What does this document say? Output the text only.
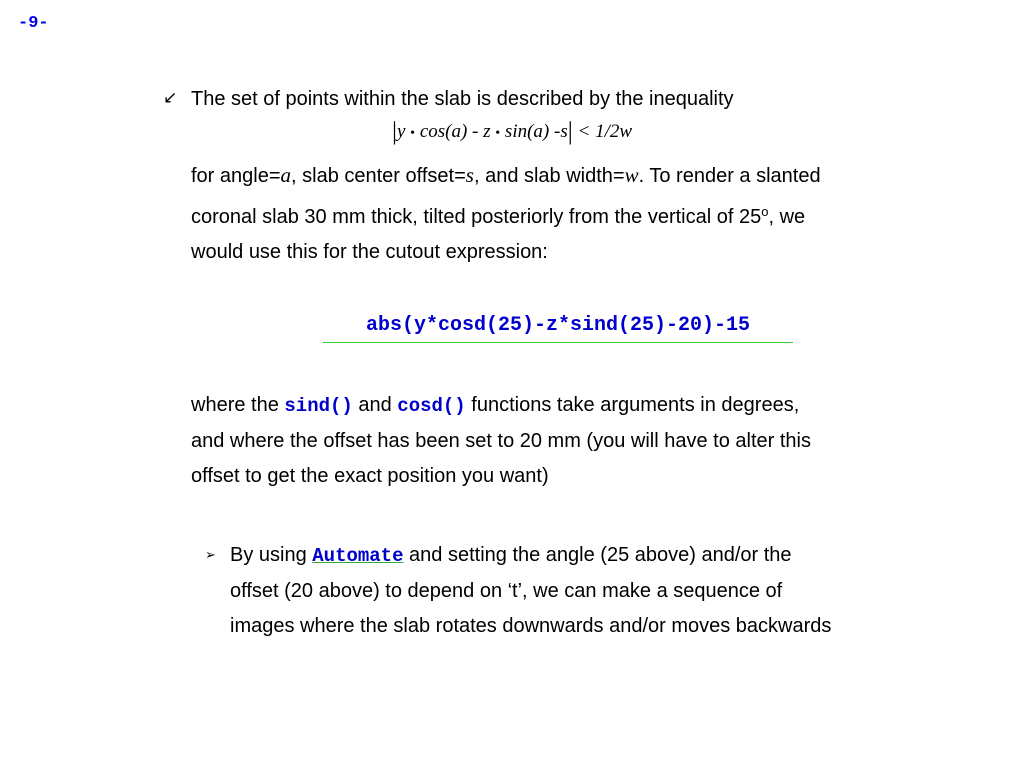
-9-
↙ The set of points within the slab is described by the inequality
|y • cos(a) - z • sin(a) -s| < 1/2w
for angle=a, slab center offset=s, and slab width=w. To render a slanted
coronal slab 30 mm thick, tilted posteriorly from the vertical of 25$^o$, we
would use this for the cutout expression:
abs(y*cosd(25)-z*sind(25)-20)-15
where the sind() and cosd() functions take arguments in degrees,
and where the offset has been set to 20 mm (you will have to alter this
offset to get the exact position you want)
➢ By using Automate and setting the angle (25 above) and/or the
offset (20 above) to depend on ‘t’, we can make a sequence of
images where the slab rotates downwards and/or moves backwards
